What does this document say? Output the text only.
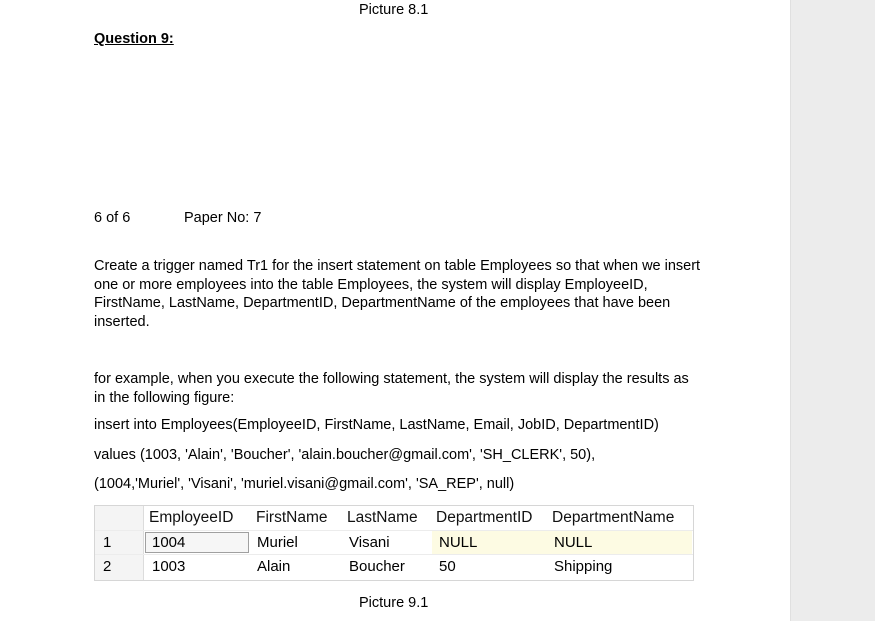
Picture 8.1
Question 9:
6 of 6	Paper No: 7
Create a trigger named Tr1 for the insert statement on table Employees so that when we insert one or more employees into the table Employees, the system will display EmployeeID, FirstName, LastName, DepartmentID, DepartmentName of the employees that have been inserted.
for example, when you execute the following statement, the system will display the results as in the following figure:
insert into Employees(EmployeeID, FirstName, LastName, Email, JobID, DepartmentID)
values (1003, 'Alain', 'Boucher', 'alain.boucher@gmail.com', 'SH_CLERK', 50),
(1004,'Muriel', 'Visani', 'muriel.visani@gmail.com', 'SA_REP', null)
EmployeeID FirstName LastName DepartmentID DepartmentName
1	1004	Muriel	Visani	NULL	NULL
2	1003	Alain	Boucher 50	Shipping
Picture 9.1
